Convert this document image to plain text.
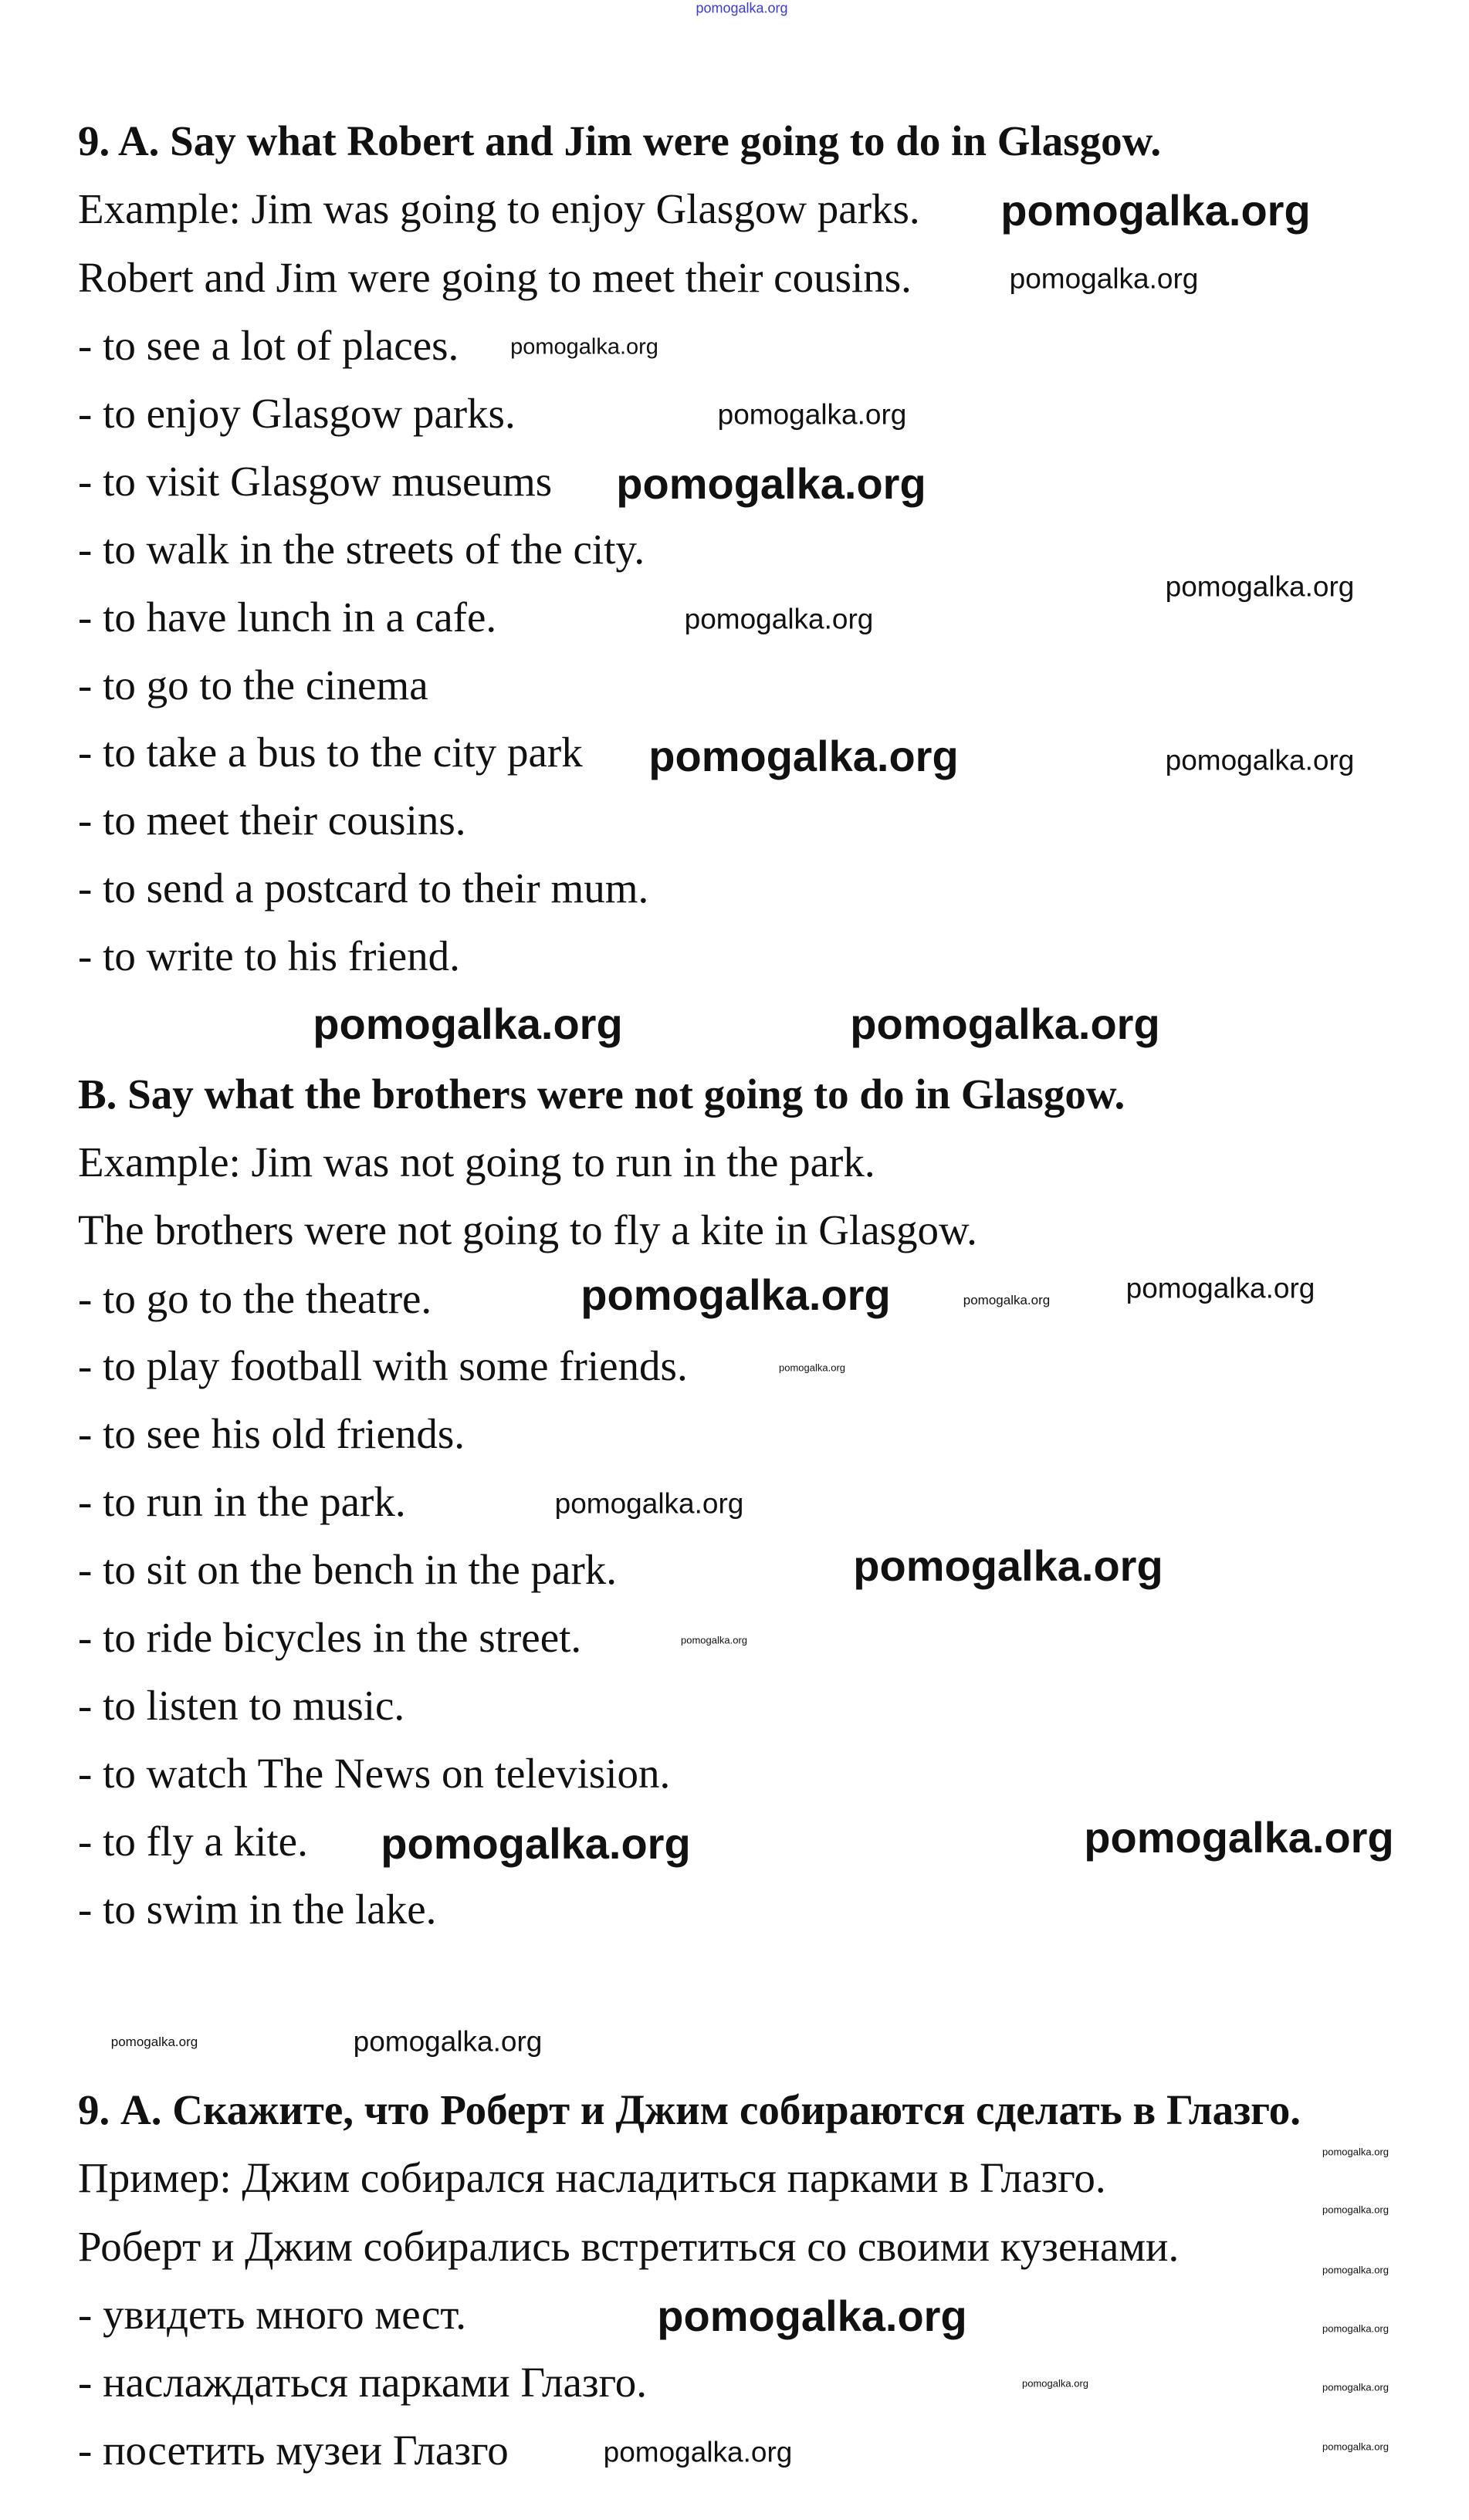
9. A. Say what Robert and Jim were going to do in Glasgow.
Example: Jim was going to enjoy Glasgow parks.
Robert and Jim were going to meet their cousins.
- to see a lot of places.
- to enjoy Glasgow parks.
- to visit Glasgow museums
- to walk in the streets of the city.
- to have lunch in a cafe.
- to go to the cinema
- to take a bus to the city park
- to meet their cousins.
- to send a postcard to their mum.
- to write to his friend.
B. Say what the brothers were not going to do in Glasgow.
Example: Jim was not going to run in the park.
The brothers were not going to fly a kite in Glasgow.
- to go to the theatre.
- to play football with some friends.
- to see his old friends.
- to run in the park.
- to sit on the bench in the park.
- to ride bicycles in the street.
- to listen to music.
- to watch The News on television.
- to fly a kite.
- to swim in the lake.
9. А. Скажите, что Роберт и Джим собираются сделать в Глазго.
Пример: Джим собирался насладиться парками в Глазго.
Роберт и Джим собирались встретиться со своими кузенами.
- увидеть много мест.
- наслаждаться парками Глазго.
- посетить музеи Глазго
pomogalka.org
pomogalka.org
pomogalka.org
pomogalka.org
pomogalka.org
pomogalka.org
pomogalka.org
pomogalka.org
pomogalka.org	pomogalka.org
pomogalka.org	pomogalka.org
pomogalka.org
pomogalka.org
pomogalka.org	pomogalka.org
pomogalka.org
pomogalka.org
pomogalka.org
pomogalka.org	pomogalka.org
pomogalka.org	pomogalka.org
pomogalka.org
pomogalka.org
pomogalka.org
pomogalka.org
pomogalka.org
pomogalka.org
pomogalka.org
pomogalka.org
pomogalka.org
